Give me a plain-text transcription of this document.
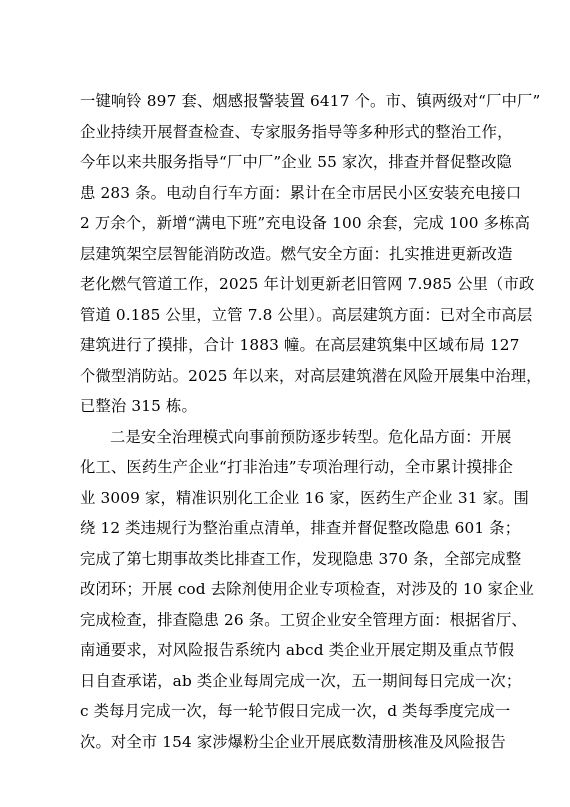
一键响铃 897 套、烟感报警装置 6417 个。市、镇两级对“厂中厂”
企业持续开展督查检查、专家服务指导等多种形式的整治工作，
今年以来共服务指导“厂中厂”企业 55 家次，排查并督促整改隐
患 283 条。电动自行车方面：累计在全市居民小区安装充电接口
2 万余个，新增“满电下班”充电设备 100 余套，完成 100 多栋高
层建筑架空层智能消防改造。燃气安全方面：扎实推进更新改造
老化燃气管道工作，2025 年计划更新老旧管网 7.985 公里（市政
管道 0.185 公里，立管 7.8 公里）。高层建筑方面：已对全市高层
建筑进行了摸排，合计 1883 幢。在高层建筑集中区域布局 127
个微型消防站。2025 年以来，对高层建筑潜在风险开展集中治理，
已整治 315 栋。
二是安全治理模式向事前预防逐步转型。危化品方面：开展
化工、医药生产企业“打非治违”专项治理行动，全市累计摸排企
业 3009 家，精准识别化工企业 16 家，医药生产企业 31 家。围
绕 12 类违规行为整治重点清单，排查并督促整改隐患 601 条；
完成了第七期事故类比排查工作，发现隐患 370 条，全部完成整
改闭环；开展 cod 去除剂使用企业专项检查，对涉及的 10 家企业
完成检查，排查隐患 26 条。工贸企业安全管理方面：根据省厅、
南通要求，对风险报告系统内 abcd 类企业开展定期及重点节假
日自查承诺，ab 类企业每周完成一次，五一期间每日完成一次；
c 类每月完成一次，每一轮节假日完成一次，d 类每季度完成一
次。对全市 154 家涉爆粉尘企业开展底数清册核准及风险报告
